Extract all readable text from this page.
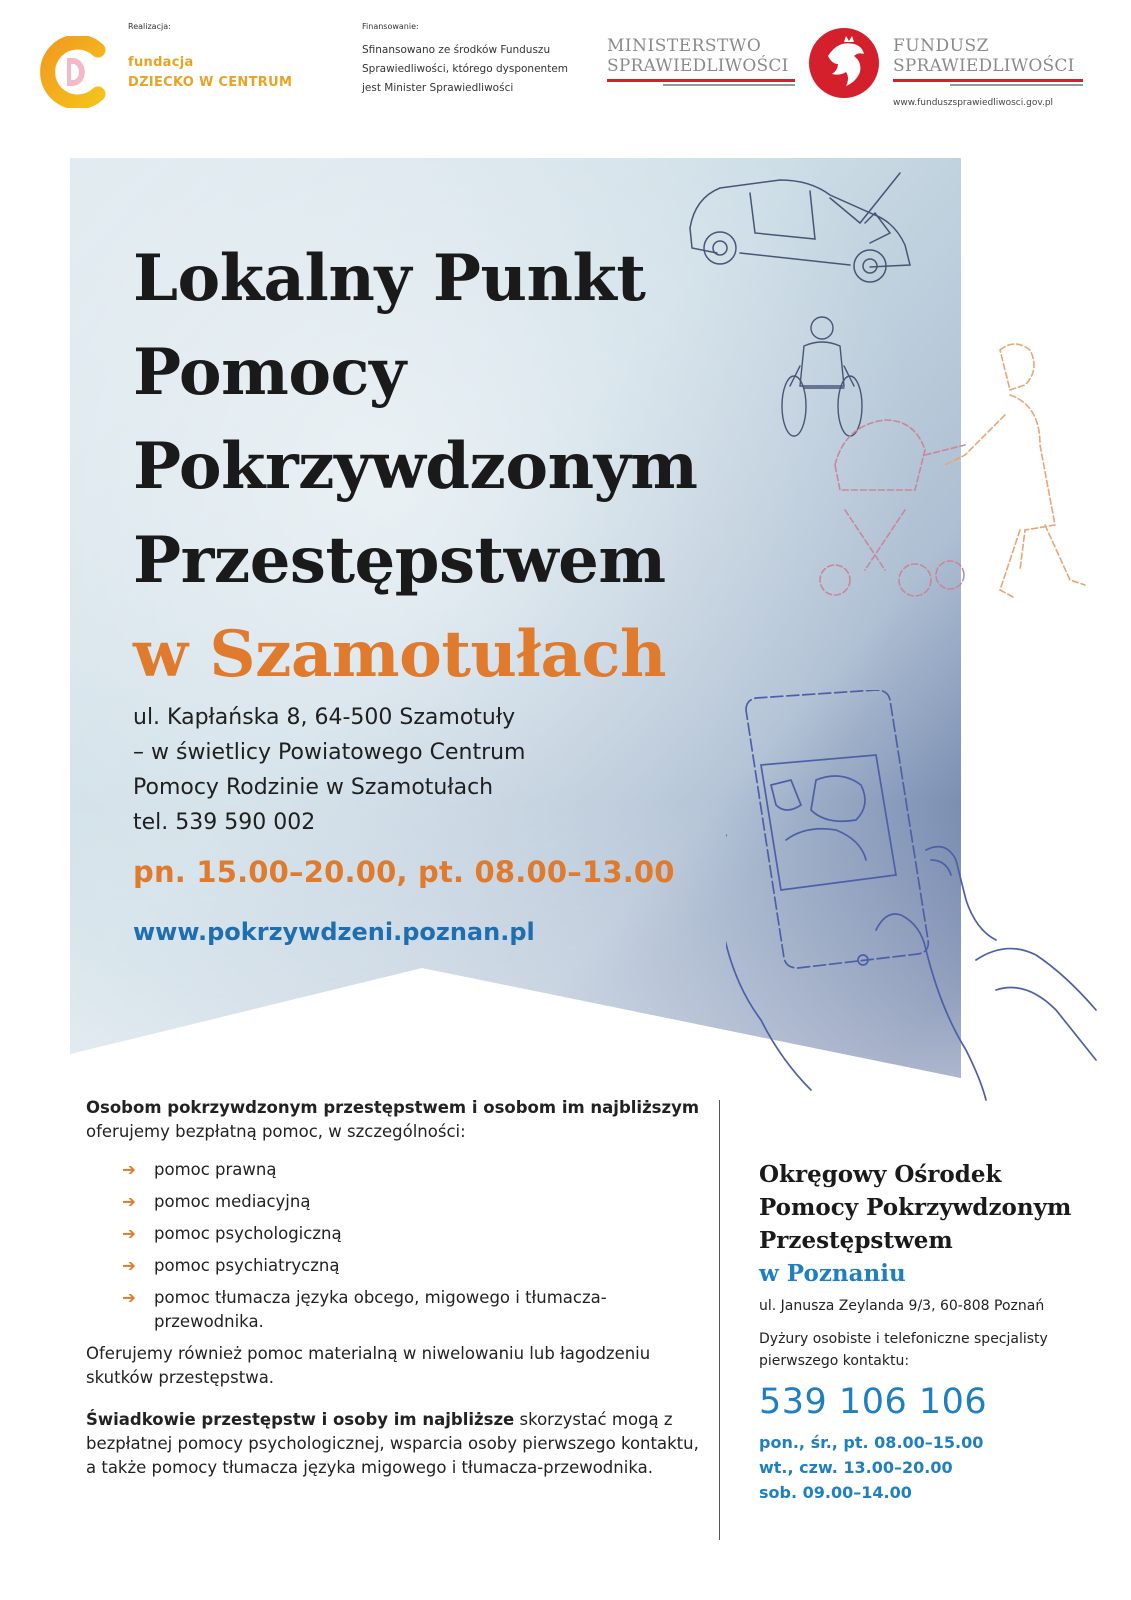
Realizacja:	Finansowanie:
fundacja
DZIECKO W CENTRUM
Sfinansowano ze środków Funduszu
Sprawiedliwości, którego dysponentem
jest Minister Sprawiedliwości
MINISTERSTWO
SPRAWIEDLIWOŚCI
FUNDUSZ
SPRAWIEDLIWOŚCI
www.funduszsprawiedliwosci.gov.pl
Lokalny Punkt
Pomocy
Pokrzywdzonym
Przestępstwem
w Szamotułach
ul. Kapłańska 8, 64-500 Szamotuły
– w świetlicy Powiatowego Centrum
Pomocy Rodzinie w Szamotułach
tel. 539 590 002
pn. 15.00–20.00, pt. 08.00–13.00
www.pokrzywdzeni.poznan.pl
Osobom pokrzywdzonym przestępstwem i osobom im najbliższym oferujemy bezpłatną pomoc, w szczególności:
➔ pomoc prawną
➔ pomoc mediacyjną
➔ pomoc psychologiczną
➔ pomoc psychiatryczną
➔ pomoc tłumacza języka obcego, migowego i tłumacza-przewodnika.
Oferujemy również pomoc materialną w niwelowaniu lub łagodzeniu skutków przestępstwa.
Świadkowie przestępstw i osoby im najbliższe skorzystać mogą z bezpłatnej pomocy psychologicznej, wsparcia osoby pierwszego kontaktu, a także pomocy tłumacza języka migowego i tłumacza-przewodnika.
Okręgowy Ośrodek
Pomocy Pokrzywdzonym
Przestępstwem
w Poznaniu
ul. Janusza Zeylanda 9/3, 60-808 Poznań
Dyżury osobiste i telefoniczne specjalisty pierwszego kontaktu:
539 106 106
pon., śr., pt. 08.00–15.00
wt., czw. 13.00–20.00
sob. 09.00–14.00
